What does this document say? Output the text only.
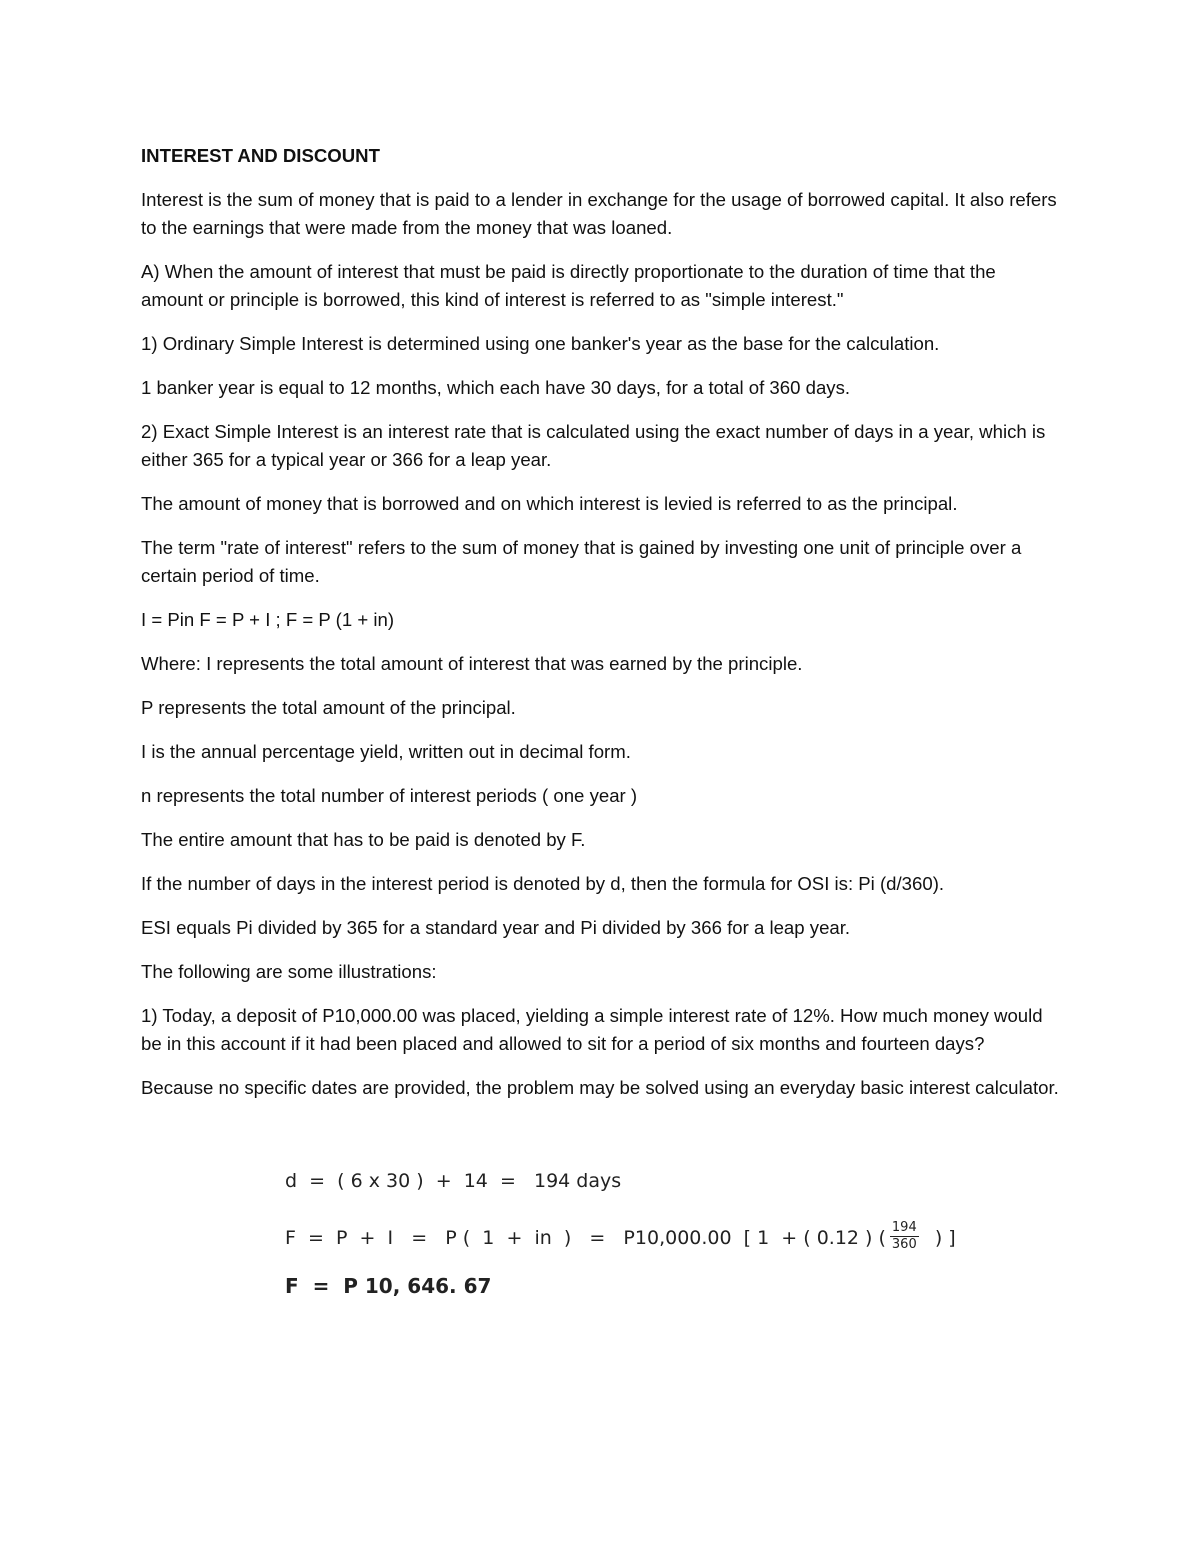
INTEREST AND DISCOUNT

Interest is the sum of money that is paid to a lender in exchange for the usage of borrowed capital. It also refers to the earnings that were made from the money that was loaned.

A) When the amount of interest that must be paid is directly proportionate to the duration of time that the amount or principle is borrowed, this kind of interest is referred to as "simple interest."

1) Ordinary Simple Interest is determined using one banker's year as the base for the calculation.

1 banker year is equal to 12 months, which each have 30 days, for a total of 360 days.

2) Exact Simple Interest is an interest rate that is calculated using the exact number of days in a year, which is either 365 for a typical year or 366 for a leap year.

The amount of money that is borrowed and on which interest is levied is referred to as the principal.

The term "rate of interest" refers to the sum of money that is gained by investing one unit of principle over a certain period of time.

I = Pin F = P + I ; F = P (1 + in)

Where: I represents the total amount of interest that was earned by the principle.

P represents the total amount of the principal.

I is the annual percentage yield, written out in decimal form.

n represents the total number of interest periods ( one year )

The entire amount that has to be paid is denoted by F.

If the number of days in the interest period is denoted by d, then the formula for OSI is: Pi (d/360).

ESI equals Pi divided by 365 for a standard year and Pi divided by 366 for a leap year.

The following are some illustrations:

1) Today, a deposit of P10,000.00 was placed, yielding a simple interest rate of 12%. How much money would be in this account if it had been placed and allowed to sit for a period of six months and fourteen days?

Because no specific dates are provided, the problem may be solved using an everyday basic interest calculator.

d  =  ( 6 x 30 )  +  14  =   194 days
F  =  P  +  I   =   P (  1  +  in  )   =   P10,000.00  [ 1  + ( 0.12 ) ( $\frac{194}{360}$ ) ]
F  =  P 10, 646. 67
